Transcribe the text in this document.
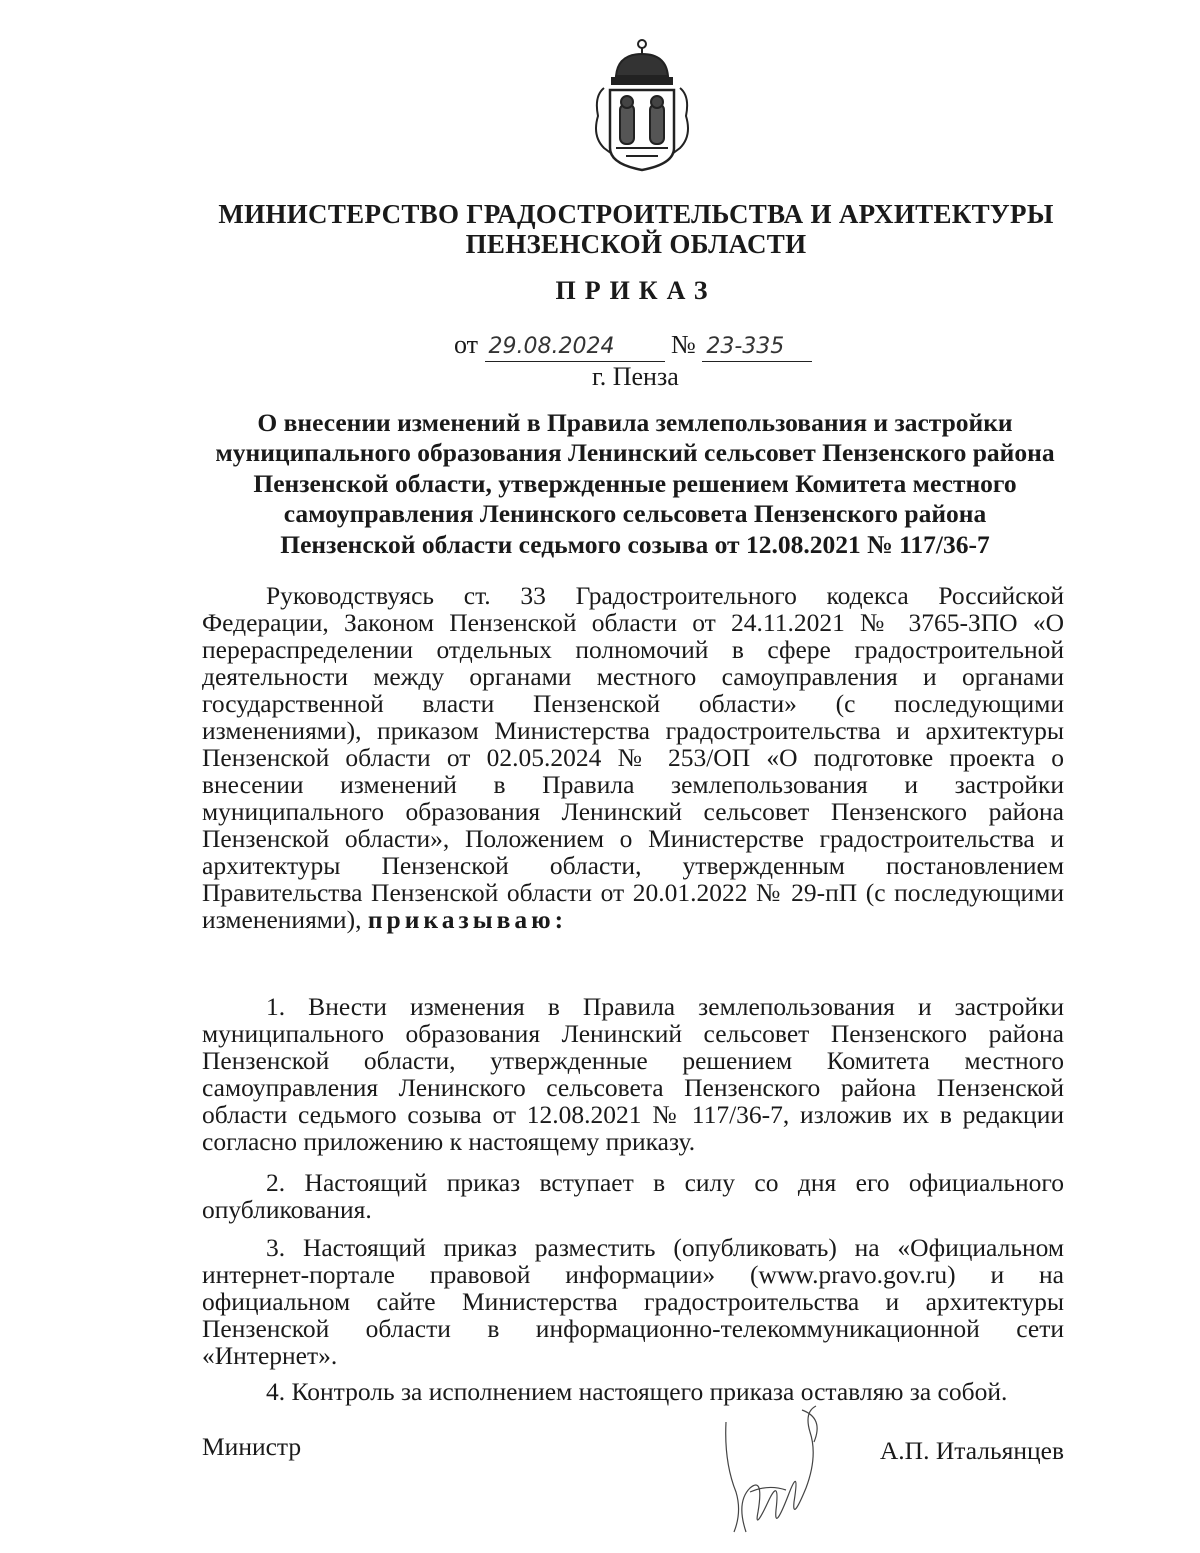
МИНИСТЕРСТВО ГРАДОСТРОИТЕЛЬСТВА И АРХИТЕКТУРЫ
ПЕНЗЕНСКОЙ ОБЛАСТИ
ПРИКАЗ
от 29.08.2024 № 23-335
г. Пенза
О внесении изменений в Правила землепользования и застройки
муниципального образования Ленинский сельсовет Пензенского района
Пензенской области, утвержденные решением Комитета местного
самоуправления Ленинского сельсовета Пензенского района
Пензенской области седьмого созыва от 12.08.2021 № 117/36-7

Руководствуясь ст. 33 Градостроительного кодекса Российской Федерации, Законом Пензенской области от 24.11.2021 № 3765-ЗПО «О перераспределении отдельных полномочий в сфере градостроительной деятельности между органами местного самоуправления и органами государственной власти Пензенской области» (с последующими изменениями), приказом Министерства градостроительства и архитектуры Пензенской области от 02.05.2024 № 253/ОП «О подготовке проекта о внесении изменений в Правила землепользования и застройки муниципального образования Ленинский сельсовет Пензенского района Пензенской области», Положением о Министерстве градостроительства и архитектуры Пензенской области, утвержденным постановлением Правительства Пензенской области от 20.01.2022 № 29-пП (с последующими изменениями), приказываю:

1. Внести изменения в Правила землепользования и застройки муниципального образования Ленинский сельсовет Пензенского района Пензенской области, утвержденные решением Комитета местного самоуправления Ленинского сельсовета Пензенского района Пензенской области седьмого созыва от 12.08.2021 № 117/36-7, изложив их в редакции согласно приложению к настоящему приказу.

2. Настоящий приказ вступает в силу со дня его официального опубликования.

3. Настоящий приказ разместить (опубликовать) на «Официальном интернет-портале правовой информации» (www.pravo.gov.ru) и на официальном сайте Министерства градостроительства и архитектуры Пензенской области в информационно-телекоммуникационной сети «Интернет».

4. Контроль за исполнением настоящего приказа оставляю за собой.

Министр	А.П. Итальянцев
